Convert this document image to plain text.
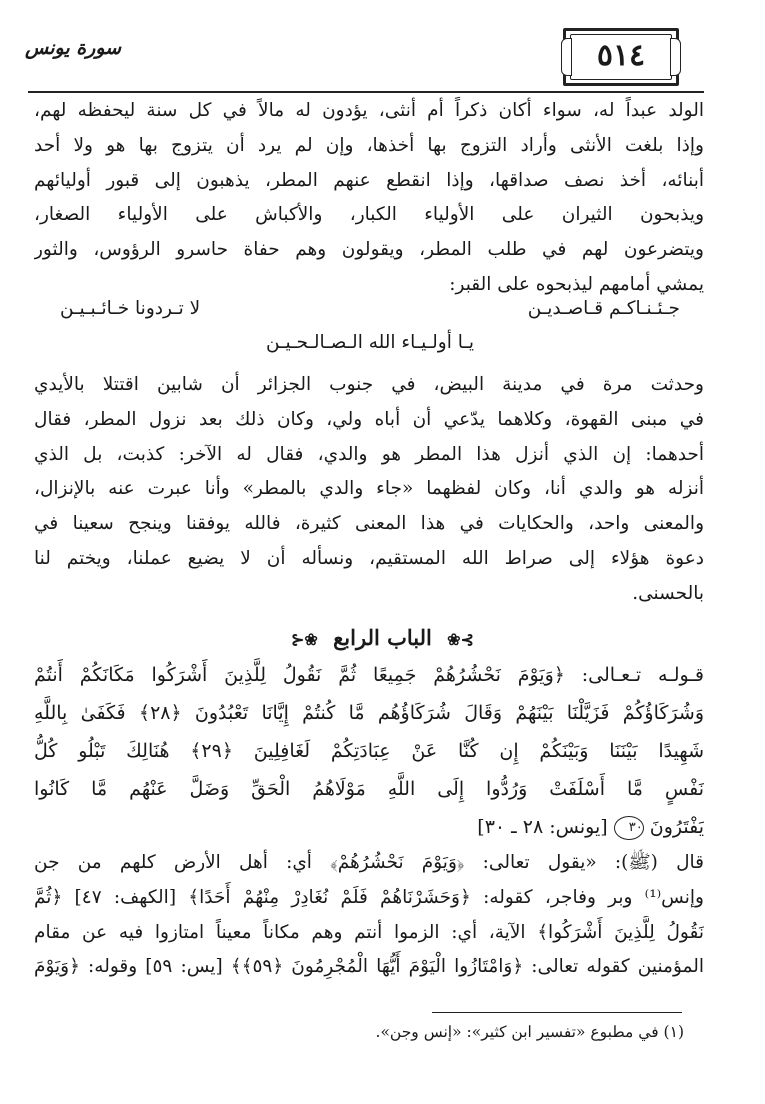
٥١٤
سورة يونس
الولد عبداً له، سواء أكان ذكراً أم أنثى، يؤدون له مالاً في كل سنة ليحفظه لهم،
وإذا بلغت الأنثى وأراد التزوج بها أخذها، وإن لم يرد أن يتزوج بها هو ولا أحد
أبنائه، أخذ نصف صداقها، وإذا انقطع عنهم المطر، يذهبون إلى قبور أوليائهم
ويذبحون الثيران على الأولياء الكبار، والأكباش على الأولياء الصغار،
ويتضرعون لهم في طلب المطر، ويقولون وهم حفاة حاسرو الرؤوس، والثور
يمشي أمامهم ليذبحوه على القبر:
جـئـنـاكـم قـاصـديـن
لا تـردونا خـائـبـيـن
يـا أولـيـاء الله الـصـالـحـيـن
وحدثت مرة في مدينة البيض، في جنوب الجزائر أن شابين اقتتلا بالأيدي
في مبنى القهوة، وكلاهما يدّعي أن أباه ولي، وكان ذلك بعد نزول المطر، فقال
أحدهما: إن الذي أنزل هذا المطر هو والدي، فقال له الآخر: كذبت، بل الذي
أنزله هو والدي أنا، وكان لفظهما «جاء والدي بالمطر» وأنا عبرت عنه بالإنزال،
والمعنى واحد، والحكايات في هذا المعنى كثيرة، فالله يوفقنا وينجح سعينا في
دعوة هؤلاء إلى صراط الله المستقيم، ونسأله أن لا يضيع عملنا، ويختم لنا
بالحسنى.
⊱❀ الباب الرابع ❀⊰
قـولـه تـعـالى: ﴿وَيَوْمَ نَحْشُرُهُمْ جَمِيعًا ثُمَّ نَقُولُ لِلَّذِينَ أَشْرَكُوا مَكَانَكُمْ أَنتُمْ
وَشُرَكَاؤُكُمْ فَزَيَّلْنَا بَيْنَهُمْ وَقَالَ شُرَكَاؤُهُم مَّا كُنتُمْ إِيَّانَا تَعْبُدُونَ ﴿٢٨﴾ فَكَفَىٰ بِاللَّهِ
شَهِيدًا بَيْنَنَا وَبَيْنَكُمْ إِن كُنَّا عَنْ عِبَادَتِكُمْ لَغَافِلِينَ ﴿٢٩﴾ هُنَالِكَ تَبْلُو كُلُّ
نَفْسٍ مَّا أَسْلَفَتْ وَرُدُّوا إِلَى اللَّهِ مَوْلَاهُمُ الْحَقِّ وَضَلَّ عَنْهُم مَّا كَانُوا
يَفْتَرُونَ ٣٠ [يونس: ٢٨ ـ ٣٠]
قال (ﷺ): «يقول تعالى: ﴿وَيَوْمَ نَحْشُرُهُمْ﴾ أي: أهل الأرض كلهم من جن
وإنس⁽¹⁾ وبر وفاجر، كقوله: ﴿وَحَشَرْنَاهُمْ فَلَمْ نُغَادِرْ مِنْهُمْ أَحَدًا﴾ [الكهف: ٤٧] ﴿ثُمَّ
نَقُولُ لِلَّذِينَ أَشْرَكُوا﴾ الآية، أي: الزموا أنتم وهم مكاناً معيناً امتازوا فيه عن مقام
المؤمنين كقوله تعالى: ﴿وَامْتَازُوا الْيَوْمَ أَيُّهَا الْمُجْرِمُونَ ﴿٥٩﴾﴾ [يس: ٥٩] وقوله: ﴿وَيَوْمَ
(١) في مطبوع «تفسير ابن كثير»: «إنس وجن».
